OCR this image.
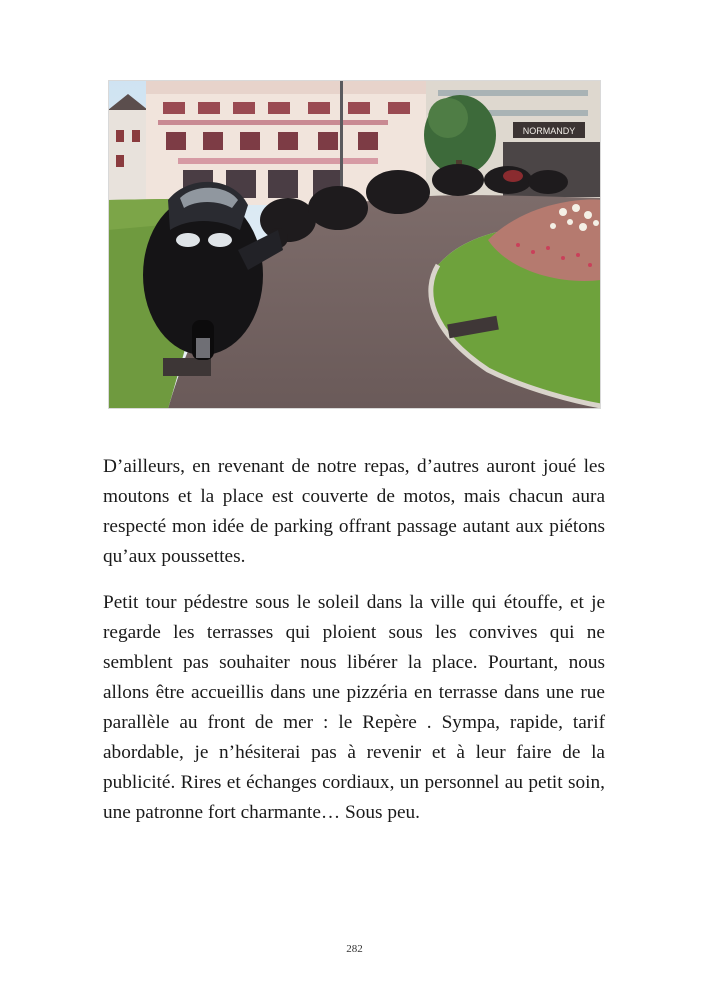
NORMANDY

D’ailleurs, en revenant de notre repas, d’autres auront joué les moutons et la place est couverte de motos, mais chacun aura respecté mon idée de parking offrant passage autant aux piétons qu’aux poussettes.

Petit tour pédestre sous le soleil dans la ville qui étouffe, et je regarde les terrasses qui ploient sous les convives qui ne semblent pas souhaiter nous libérer la place. Pourtant, nous allons être accueillis dans une pizzéria en terrasse dans une rue parallèle au front de mer : le Repère . Sympa, rapide, tarif abordable, je n’hésiterai pas à revenir et à leur faire de la publicité. Rires et échanges cordiaux, un personnel au petit soin, une patronne fort charmante… Sous peu.

282
